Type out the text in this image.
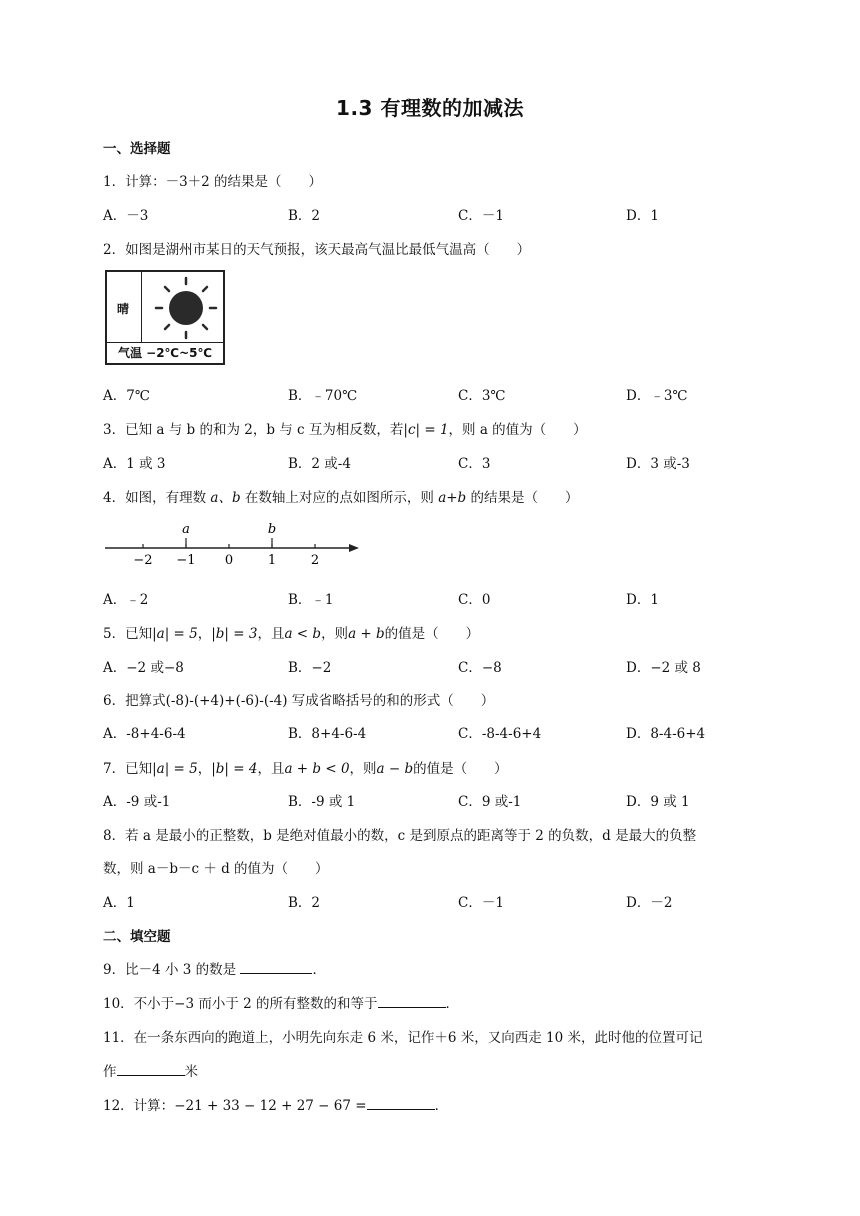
1.3 有理数的加减法
一、选择题
1．计算：－3＋2 的结果是（　　）
A．－3	B．2	C．－1	D．1
2．如图是湖州市某日的天气预报，该天最高气温比最低气温高（　　）
晴
气温 −2℃~5℃
A．7℃	B．﹣70℃	C．3℃	D．﹣3℃
3．已知 a 与 b 的和为 2，b 与 c 互为相反数，若|c| = 1，则 a 的值为（　　）
A．1 或 3	B．2 或-4	C．3	D．3 或-3
4．如图，有理数 a、b 在数轴上对应的点如图所示，则 a+b 的结果是（　　）
−2 −1 0	1	2
a	b
A．﹣2	B．﹣1	C．0	D．1
5．已知|a| = 5，|b| = 3，且a < b，则a + b的值是（　　）
A．−2 或−8	B．−2	C．−8	D．−2 或 8
6．把算式(-8)-(+4)+(-6)-(-4) 写成省略括号的和的形式（　　）
A．-8+4-6-4	B．8+4-6-4	C．-8-4-6+4	D．8-4-6+4
7．已知|a| = 5，|b| = 4，且a + b < 0，则a − b的值是（　　）
A．-9 或-1	B．-9 或 1	C．9 或-1	D．9 或 1
8．若 a 是最小的正整数，b 是绝对值最小的数，c 是到原点的距离等于 2 的负数，d 是最大的负整
数，则 a－b－c ＋ d 的值为（　　）
A．1	B．2	C．－1	D．－2
二、填空题
9．比－4 小 3 的数是	．
10．不小于−3 而小于 2 的所有整数的和等于	．
11．在一条东西向的跑道上，小明先向东走 6 米，记作＋6 米，又向西走 10 米，此时他的位置可记
作	米
12．计算：−21 + 33 − 12 + 27 − 67 =	．
